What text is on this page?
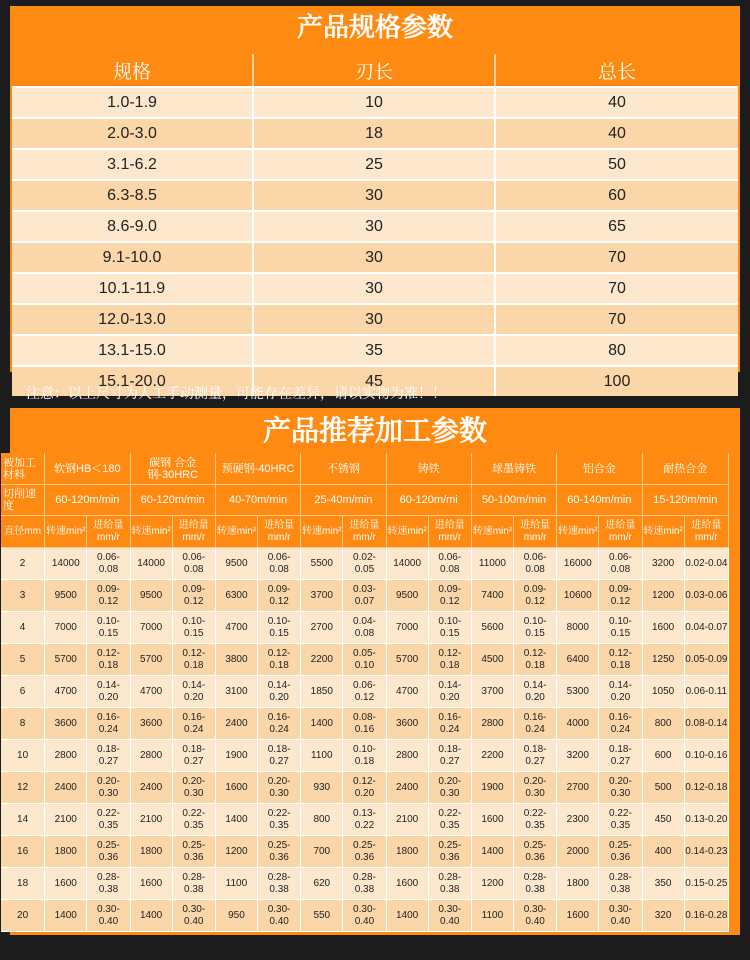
产品规格参数
规格	刃长	总长
1.0-1.9	10	40
2.0-3.0	18	40
3.1-6.2	25	50
6.3-8.5	30	60
8.6-9.0	30	65
9.1-10.0	30	70
10.1-11.9	30	70
12.0-13.0	30	70
13.1-15.0	35	80
15.1-20.0	45	100
注意：以上尺寸为人工手动测量，可能存在差异，请以实物为准！！
产品推荐加工参数
被加工材料	软钢HB＜180		碳钢 合金钢-30HRC		预硬钢-40HRC		不锈钢		铸铁		球墨铸铁		铝合金		耐热合金	
切削速度	60-120m/min		60-120m/min		40-70m/min		25-40m/min		60-120m/mi		50-100m/min		60-140m/min		15-120m/min	
直径mm	转速min²	进给量mm/r	转速min²	进给量mm/r	转速min²	进给量mm/r	转速min²	进给量mm/r	转速min²	进给量mm/r	转速min²	进给量mm/r	转速min²	进给量mm/r	转速min²	进给量mm/r
2	14000	0.06-0.08	14000	0.06-0.08	9500	0.06-0.08	5500	0.02-0.05	14000	0.06-0.08	11000	0.06-0.08	16000	0.06-0.08	3200	0.02-0.04
3	9500	0.09-0.12	9500	0.09-0.12	6300	0.09-0.12	3700	0.03-0.07	9500	0.09-0.12	7400	0.09-0.12	10600	0.09-0.12	1200	0.03-0.06
4	7000	0.10-0.15	7000	0.10-0.15	4700	0.10-0.15	2700	0.04-0.08	7000	0.10-0.15	5600	0.10-0.15	8000	0.10-0.15	1600	0.04-0.07
5	5700	0.12-0.18	5700	0.12-0.18	3800	0.12-0.18	2200	0.05-0.10	5700	0.12-0.18	4500	0.12-0.18	6400	0.12-0.18	1250	0.05-0.09
6	4700	0.14-0.20	4700	0.14-0.20	3100	0.14-0.20	1850	0.06-0.12	4700	0.14-0.20	3700	0.14-0.20	5300	0.14-0.20	1050	0.06-0.11
8	3600	0.16-0.24	3600	0.16-0.24	2400	0.16-0.24	1400	0.08-0.16	3600	0.16-0.24	2800	0.16-0.24	4000	0.16-0.24	800	0.08-0.14
10	2800	0.18-0.27	2800	0.18-0.27	1900	0.18-0.27	1100	0.10-0.18	2800	0.18-0.27	2200	0.18-0.27	3200	0.18-0.27	600	0.10-0.16
12	2400	0.20-0.30	2400	0.20-0.30	1600	0.20-0.30	930	0.12-0.20	2400	0.20-0.30	1900	0.20-0.30	2700	0.20-0.30	500	0.12-0.18
14	2100	0.22-0.35	2100	0.22-0.35	1400	0.22-0.35	800	0.13-0.22	2100	0.22-0.35	1600	0.22-0.35	2300	0.22-0.35	450	0.13-0.20
16	1800	0.25-0.36	1800	0.25-0.36	1200	0.25-0.36	700	0.25-0.36	1800	0.25-0.36	1400	0.25-0.36	2000	0.25-0.36	400	0.14-0.23
18	1600	0.28-0.38	1600	0.28-0.38	1100	0.28-0.38	620	0.28-0.38	1600	0.28-0.38	1200	0.28-0.38	1800	0.28-0.38	350	0.15-0.25
20	1400	0.30-0.40	1400	0.30-0.40	950	0.30-0.40	550	0.30-0.40	1400	0.30-0.40	1100	0.30-0.40	1600	0.30-0.40	320	0.16-0.28
